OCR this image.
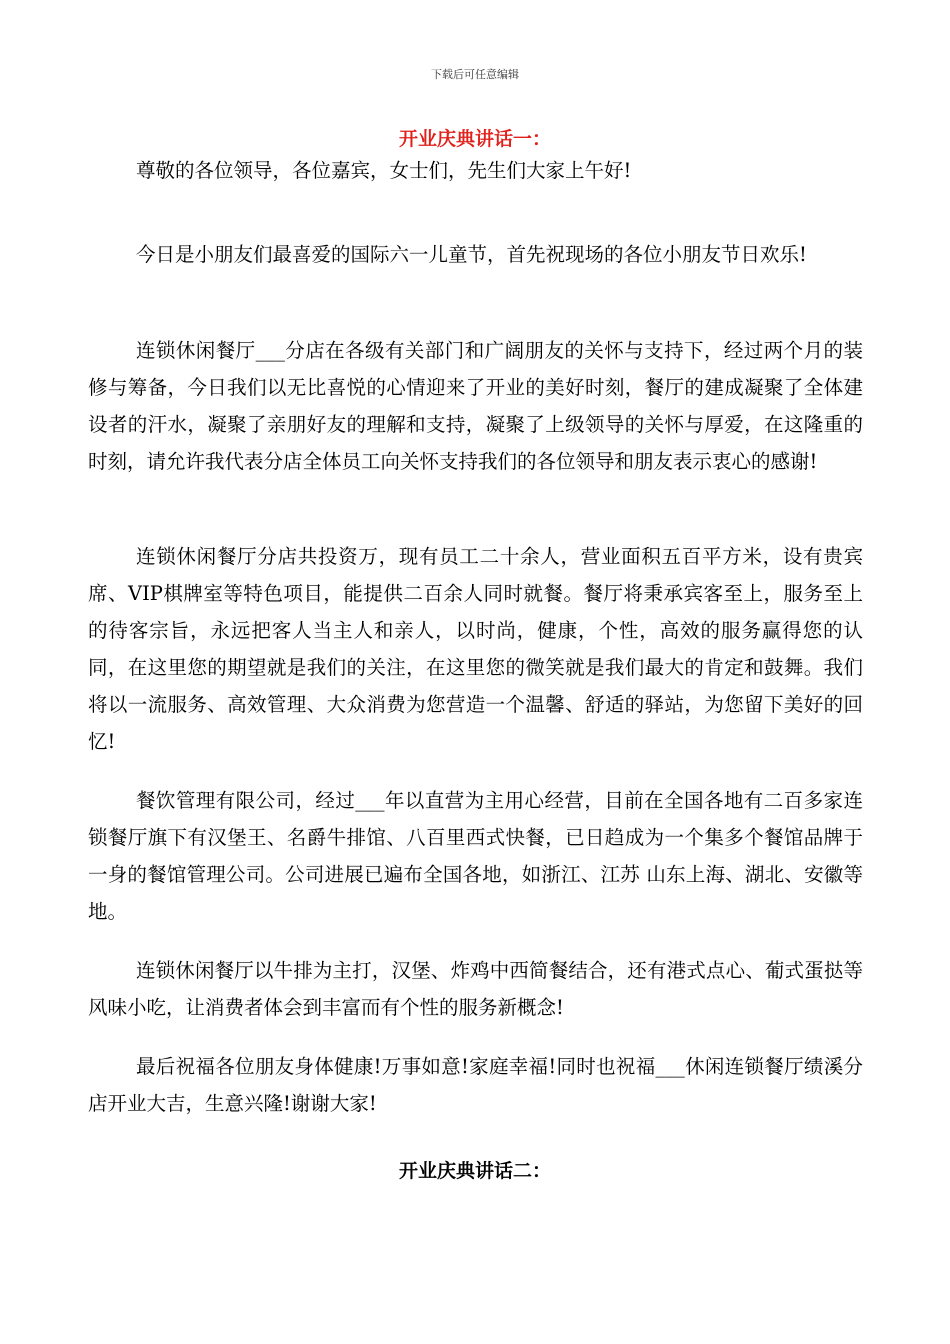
下载后可任意编辑
开业庆典讲话一：

尊敬的各位领导，各位嘉宾，女士们，先生们大家上午好!

今日是小朋友们最喜爱的国际六一儿童节，首先祝现场的各位小朋友节日欢乐!

连锁休闲餐厅___分店在各级有关部门和广阔朋友的关怀与支持下，经过两个月的装修与筹备，今日我们以无比喜悦的心情迎来了开业的美好时刻，餐厅的建成凝聚了全体建设者的汗水，凝聚了亲朋好友的理解和支持，凝聚了上级领导的关怀与厚爱，在这隆重的时刻，请允许我代表分店全体员工向关怀支持我们的各位领导和朋友表示衷心的感谢!

连锁休闲餐厅分店共投资万，现有员工二十余人，营业面积五百平方米，设有贵宾席、VIP棋牌室等特色项目，能提供二百余人同时就餐。餐厅将秉承宾客至上，服务至上的待客宗旨，永远把客人当主人和亲人，以时尚，健康，个性，高效的服务赢得您的认同，在这里您的期望就是我们的关注，在这里您的微笑就是我们最大的肯定和鼓舞。我们将以一流服务、高效管理、大众消费为您营造一个温馨、舒适的驿站，为您留下美好的回忆!

餐饮管理有限公司，经过___年以直营为主用心经营，目前在全国各地有二百多家连锁餐厅旗下有汉堡王、名爵牛排馆、八百里西式快餐，已日趋成为一个集多个餐馆品牌于一身的餐馆管理公司。公司进展已遍布全国各地，如浙江、江苏 山东上海、湖北、安徽等地。

连锁休闲餐厅以牛排为主打，汉堡、炸鸡中西简餐结合，还有港式点心、葡式蛋挞等风味小吃，让消费者体会到丰富而有个性的服务新概念!

最后祝福各位朋友身体健康!万事如意!家庭幸福!同时也祝福___休闲连锁餐厅绩溪分店开业大吉，生意兴隆!谢谢大家!

开业庆典讲话二：
